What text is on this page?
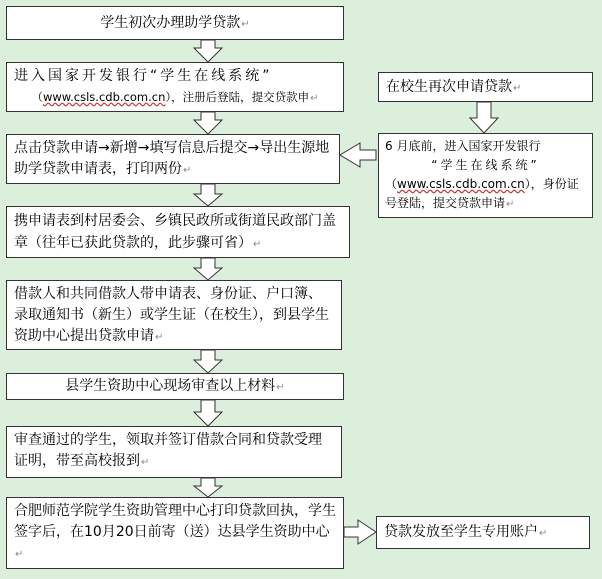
学生初次办理助学贷款↵
进入国家开发银行“学生在线系统”
（www.csls.cdb.com.cn），注册后登陆，提交贷款申↵
点击贷款申请→新增→填写信息后提交→导出生源地助学贷款申请表，打印两份↵
携申请表到村居委会、乡镇民政所或街道民政部门盖章（往年已获此贷款的，此步骤可省）↵
借款人和共同借款人带申请表、身份证、户口簿、录取通知书（新生）或学生证（在校生），到县学生资助中心提出贷款申请↵
县学生资助中心现场审查以上材料↵
审查通过的学生，领取并签订借款合同和贷款受理证明，带至高校报到↵
合肥师范学院学生资助管理中心打印贷款回执，学生签字后，在10月20日前寄（送）达县学生资助中心↵
在校生再次申请贷款↵
6 月底前，进入国家开发银行
“学生在线系统”
（www.csls.cdb.com.cn），身份证号登陆，提交贷款申请↵
贷款发放至学生专用账户↵
